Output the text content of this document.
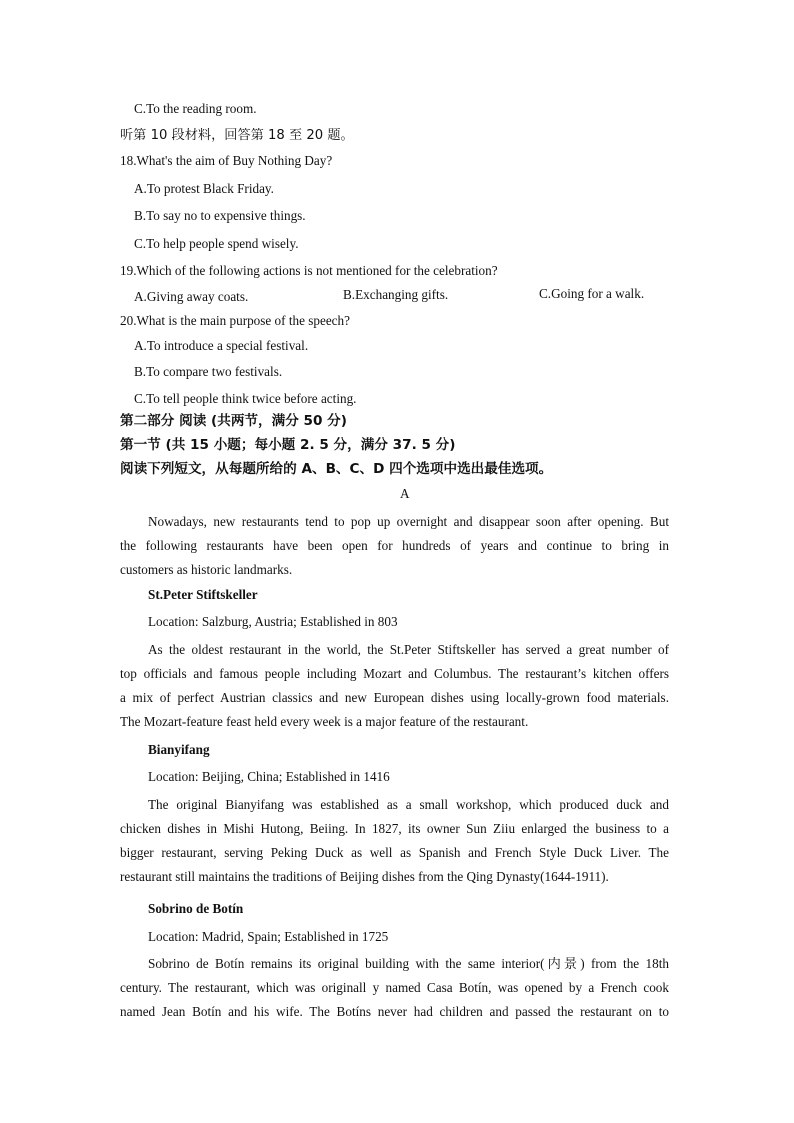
C.To the reading room.
听第 10 段材料，回答第 18 至 20 题。
18.What's the aim of Buy Nothing Day?
A.To protest Black Friday.
B.To say no to expensive things.
C.To help people spend wisely.
19.Which of the following actions is not mentioned for the celebration?
A.Giving away coats.	B.Exchanging gifts.	C.Going for a walk.
20.What is the main purpose of the speech?
A.To introduce a special festival.
B.To compare two festivals.
C.To tell people think twice before acting.
第二部分 阅读 (共两节，满分 50 分)
第一节 (共 15 小题；每小题 2. 5 分，满分 37. 5 分)
阅读下列短文，从每题所给的 A、B、C、D 四个选项中选出最佳选项。
A
Nowadays, new restaurants tend to pop up overnight and disappear soon after opening. But
the following restaurants have been open for hundreds of years and continue to bring in
customers as historic landmarks.
St.Peter Stiftskeller
Location: Salzburg, Austria; Established in 803
As the oldest restaurant in the world, the St.Peter Stiftskeller has served a great number of
top officials and famous people including Mozart and Columbus. The restaurant’s kitchen offers
a mix of perfect Austrian classics and new European dishes using locally-grown food materials.
The Mozart-feature feast held every week is a major feature of the restaurant.
Bianyifang
Location: Beijing, China; Established in 1416
The original Bianyifang was established as a small workshop, which produced duck and
chicken dishes in Mishi Hutong, Beiing. In 1827, its owner Sun Ziiu enlarged the business to a
bigger restaurant, serving Peking Duck as well as Spanish and French Style Duck Liver. The
restaurant still maintains the traditions of Beijing dishes from the Qing Dynasty(1644-1911).
Sobrino de Botín
Location: Madrid, Spain; Established in 1725
Sobrino de Botín remains its original building with the same interior(内景) from the 18th
century. The restaurant, which was originall y named Casa Botín, was opened by a French cook
named Jean Botín and his wife. The Botíns never had children and passed the restaurant on to
